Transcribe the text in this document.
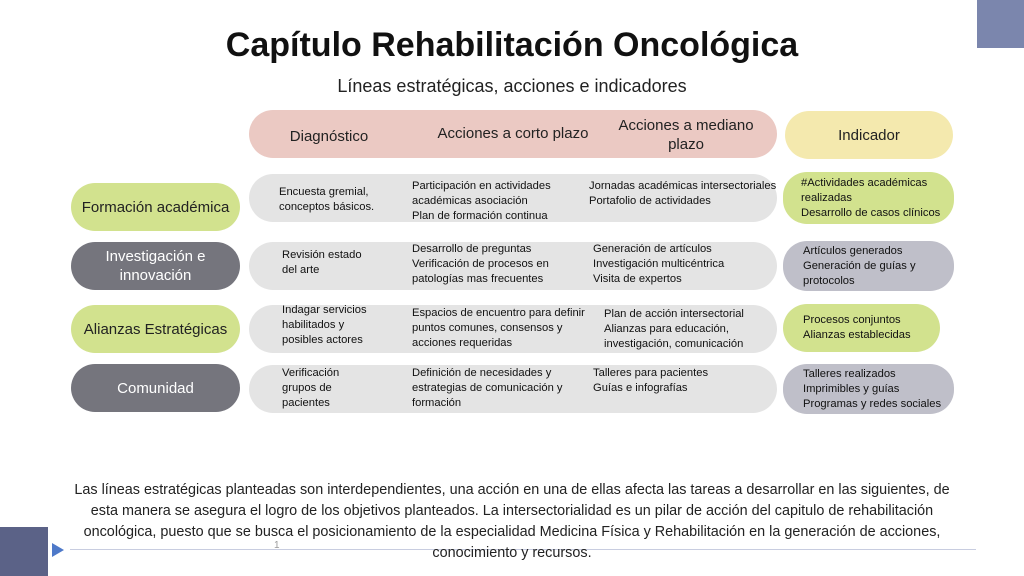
1
Capítulo Rehabilitación Oncológica
Líneas estratégicas, acciones e indicadores
Diagnóstico	Acciones a corto plazo	Acciones a mediano plazo
Indicador
Formación académica
Encuesta gremial,
conceptos básicos.
Participación en actividades
académicas asociación
Plan de formación continua
Jornadas académicas intersectoriales
Portafolio de actividades
#Actividades académicas
realizadas
Desarrollo de casos clínicos
Investigación e innovación
Revisión estado
del arte
Desarrollo de preguntas
Verificación de procesos en
patologías mas frecuentes
Generación de artículos
Investigación multicéntrica
Visita de expertos
Artículos generados
Generación de guías y
protocolos
Alianzas Estratégicas
Indagar servicios
habilitados y
posibles actores
Espacios de encuentro para definir
puntos comunes, consensos y
acciones requeridas
Plan de acción intersectorial
Alianzas para educación,
investigación, comunicación
Procesos conjuntos
Alianzas establecidas
Comunidad
Verificación
grupos de
pacientes
Definición de necesidades y
estrategias de comunicación y
formación
Talleres para pacientes
Guías e infografías
Talleres realizados
Imprimibles y guías
Programas y redes sociales
Las líneas estratégicas planteadas son interdependientes, una acción en una de ellas afecta las tareas a desarrollar en las siguientes, de esta manera se asegura el logro de los objetivos planteados. La intersectorialidad es un pilar de acción del capitulo de rehabilitación oncológica, puesto que se busca el posicionamiento de la especialidad Medicina Física y Rehabilitación en la generación de acciones, conocimiento y recursos.
